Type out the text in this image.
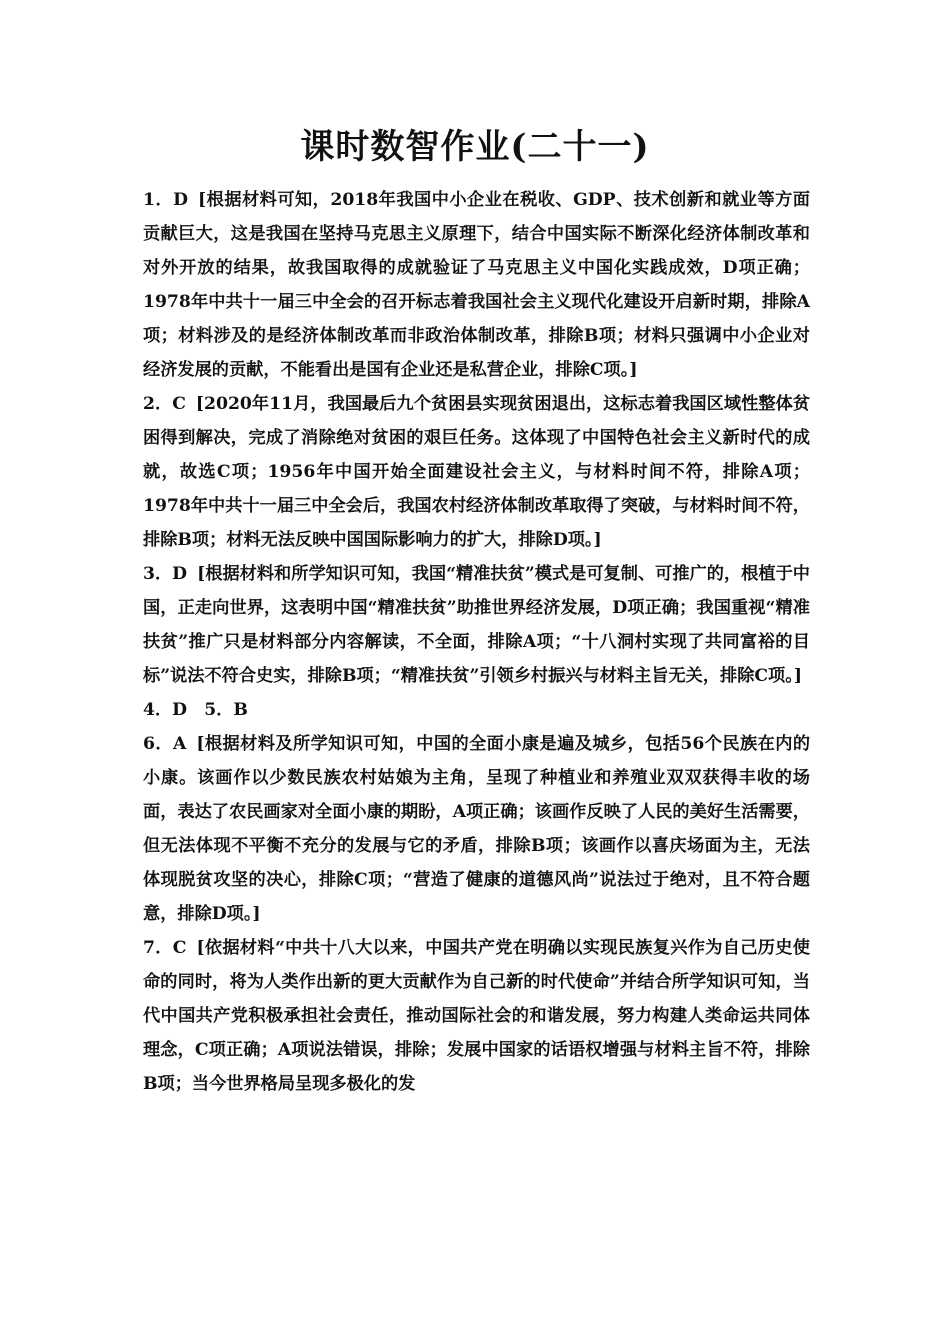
课时数智作业(二十一)

1．D [根据材料可知，2018年我国中小企业在税收、GDP、技术创新和就业等方面贡献巨大，这是我国在坚持马克思主义原理下，结合中国实际不断深化经济体制改革和对外开放的结果，故我国取得的成就验证了马克思主义中国化实践成效，D项正确；1978年中共十一届三中全会的召开标志着我国社会主义现代化建设开启新时期，排除A项；材料涉及的是经济体制改革而非政治体制改革，排除B项；材料只强调中小企业对经济发展的贡献，不能看出是国有企业还是私营企业，排除C项。]

2．C [2020年11月，我国最后九个贫困县实现贫困退出，这标志着我国区域性整体贫困得到解决，完成了消除绝对贫困的艰巨任务。这体现了中国特色社会主义新时代的成就，故选C项；1956年中国开始全面建设社会主义，与材料时间不符，排除A项；1978年中共十一届三中全会后，我国农村经济体制改革取得了突破，与材料时间不符，排除B项；材料无法反映中国国际影响力的扩大，排除D项。]

3．D [根据材料和所学知识可知，我国“精准扶贫”模式是可复制、可推广的，根植于中国，正走向世界，这表明中国“精准扶贫”助推世界经济发展，D项正确；我国重视“精准扶贫”推广只是材料部分内容解读，不全面，排除A项；“十八洞村实现了共同富裕的目标”说法不符合史实，排除B项；“精准扶贫”引领乡村振兴与材料主旨无关，排除C项。]

4．D　5．B

6．A [根据材料及所学知识可知，中国的全面小康是遍及城乡，包括56个民族在内的小康。该画作以少数民族农村姑娘为主角，呈现了种植业和养殖业双双获得丰收的场面，表达了农民画家对全面小康的期盼，A项正确；该画作反映了人民的美好生活需要，但无法体现不平衡不充分的发展与它的矛盾，排除B项；该画作以喜庆场面为主，无法体现脱贫攻坚的决心，排除C项；“营造了健康的道德风尚”说法过于绝对，且不符合题意，排除D项。]

7．C [依据材料“中共十八大以来，中国共产党在明确以实现民族复兴作为自己历史使命的同时，将为人类作出新的更大贡献作为自己新的时代使命”并结合所学知识可知，当代中国共产党积极承担社会责任，推动国际社会的和谐发展，努力构建人类命运共同体理念，C项正确；A项说法错误，排除；发展中国家的话语权增强与材料主旨不符，排除B项；当今世界格局呈现多极化的发
